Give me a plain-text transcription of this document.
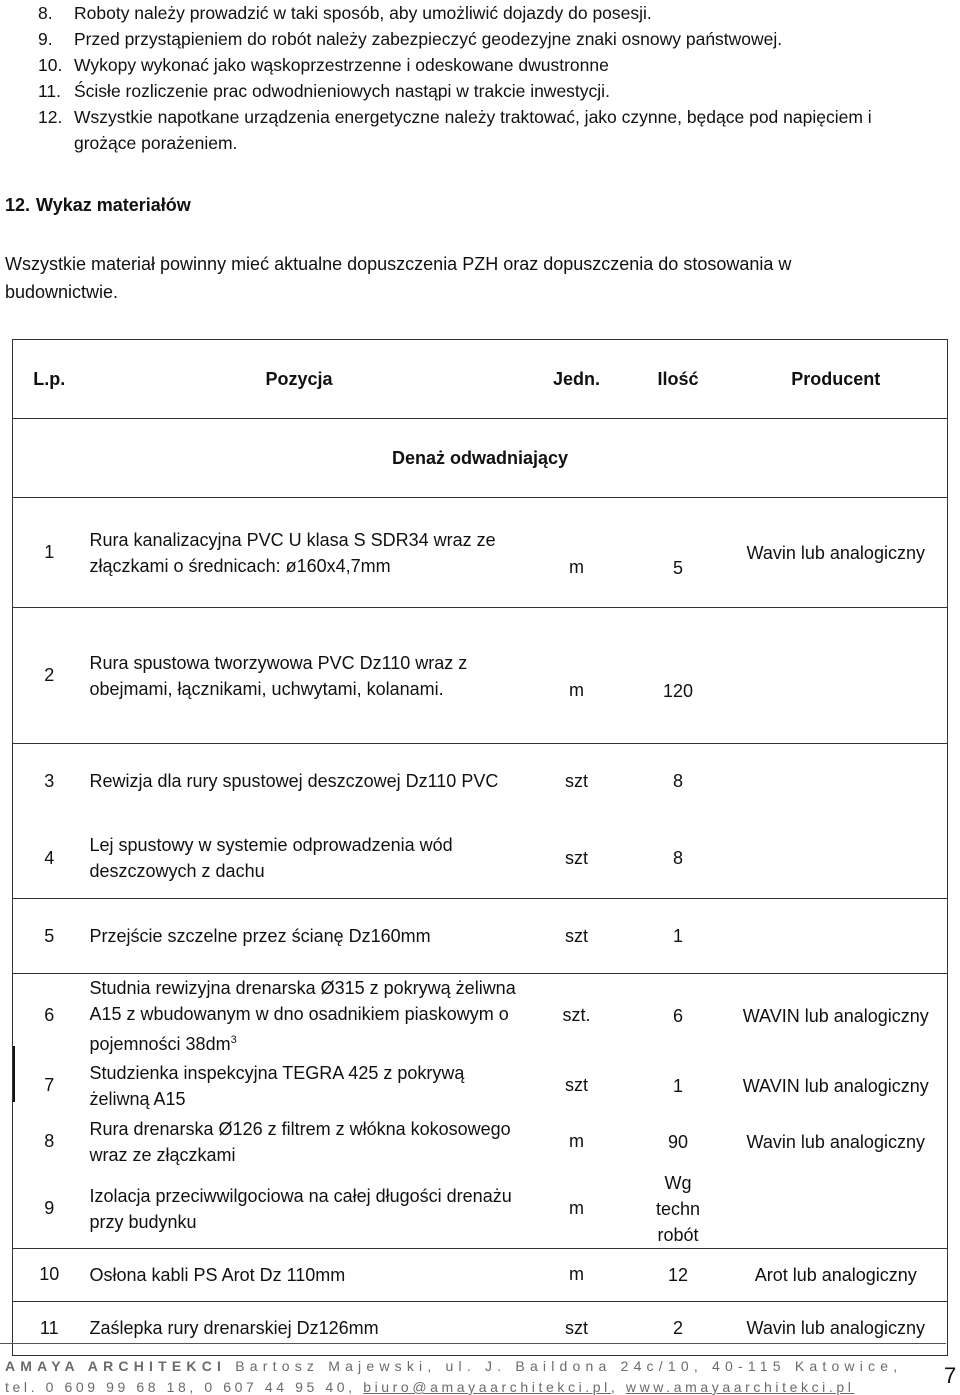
8.	Roboty należy prowadzić w taki sposób, aby umożliwić dojazdy do posesji.
9.	Przed przystąpieniem do robót należy zabezpieczyć geodezyjne znaki osnowy państwowej.
10. Wykopy wykonać jako wąskoprzestrzenne i odeskowane dwustronne
11. Ścisłe rozliczenie prac odwodnieniowych nastąpi w trakcie inwestycji.
12. Wszystkie napotkane urządzenia energetyczne należy traktować, jako czynne, będące pod napięciem i grożące porażeniem.
12. Wykaz materiałów
Wszystkie materiał powinny mieć aktualne dopuszczenia PZH oraz dopuszczenia do stosowania w budownictwie.
L.p.	Pozycja	Jedn.	Ilość	Producent
Denaż odwadniający				
1	Rura kanalizacyjna PVC U klasa S SDR34 wraz ze złączkami o średnicach: ø160x4,7mm	m	5	Wavin lub analogiczny
2	Rura spustowa tworzywowa PVC Dz110 wraz z obejmami, łącznikami, uchwytami, kolanami.	m	120	
3	Rewizja dla rury spustowej deszczowej Dz110 PVC	szt	8	
4	Lej spustowy w systemie odprowadzenia wód deszczowych z dachu	szt	8	
5	Przejście szczelne przez ścianę Dz160mm	szt	1	
6	Studnia rewizyjna drenarska Ø315 z pokrywą żeliwna A15 z wbudowanym w dno osadnikiem piaskowym o pojemności $38dm^3$	szt.	6	WAVIN lub analogiczny
7	Studzienka inspekcyjna TEGRA 425 z pokrywą żeliwną A15	szt	1	WAVIN lub analogiczny
8	Rura drenarska Ø126 z filtrem z włókna kokosowego wraz ze złączkami	m	90	Wavin lub analogiczny
9	Izolacja przeciwwilgociowa na całej długości drenażu przy budynku	m	Wg techn robót	
10	Osłona kabli PS Arot Dz 110mm	m	12	Arot lub analogiczny
11	Zaślepka rury drenarskiej Dz126mm	szt	2	Wavin lub analogiczny
AMAYA ARCHITEKCI Bartosz Majewski, ul. J. Baildona 24c/10, 40-115 Katowice,
tel. 0 609 99 68 18, 0 607 44 95 40, biuro@amayaarchitekci.pl, www.amayaarchitekci.pl	7
